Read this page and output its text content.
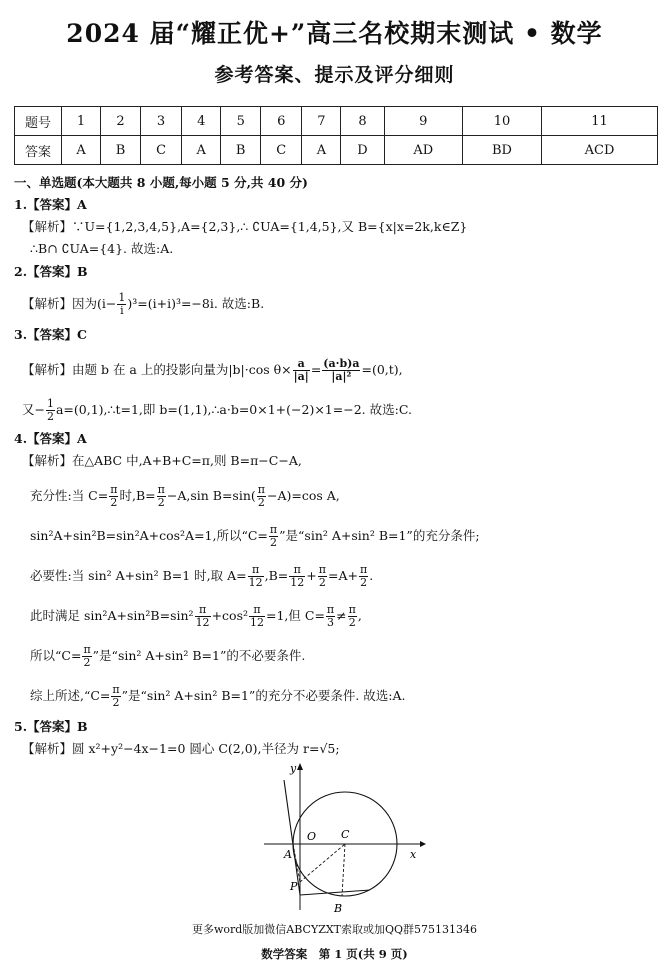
2024 届“耀正优+”高三名校期末测试 • 数学
参考答案、提示及评分细则
题号	1	2	3	4	5	6	7	8	9	10	11
答案	A	B	C	A	B	C	A	D	AD	BD	ACD
一、单选题(本大题共 8 小题,每小题 5 分,共 40 分)
1.【答案】A
【解析】∵U={1,2,3,4,5},A={2,3},∴ ∁UA={1,4,5},又 B={x|x=2k,k∈Z}
∴B∩ ∁UA={4}. 故选:A.
2.【答案】B
【解析】因为$(i- \frac{1}{i} )^3=(i+i)^3=-8i$. 故选:B.
3.【答案】C
【解析】由题 b 在 a 上的投影向量为|b|·cos $\theta\times \frac{a}{|a|} = \frac{(a\cdot b)a}{\text{|a|²}} =(0,t)$,
又− $\frac{1}{2}$ a=(0,1),∴t=1,即 b=(1,1),∴a·b=0×1+(−2)×1=−2. 故选:C.
4.【答案】A
【解析】在△ABC 中,A+B+C=π,则 B=π−C−A,
充分性:当 $C= \frac{\pi}{2}$ 时$,B= \frac{\pi}{2} -A,\sin$ $B=\sin( \frac{\pi}{2} -A)=\cos$ A,
sin²A+sin²B=sin²A+cos²A=1,所以“$C= \frac{\pi}{2}$ ”是“sin² A+sin² B=1”的充分条件;
必要性:当 sin² A+sin² B=1 时,取 $A= \frac{\pi}{12} ,B= \frac{\pi}{12} + \frac{\pi}{2} =A+ \frac{\pi}{2}$ .
此时满足 $\sin^2A+\sin^2B=\sin^2 \frac{\pi}{12} +\cos^2 \frac{\pi}{12} =1$,但 $C= \frac{\pi}{3} \ne \frac{\pi}{2}$ ,
所以“$C= \frac{\pi}{2}$ ”是“sin² A+sin² B=1”的不必要条件.
综上所述,“C= $\frac{\pi}{2}$ ”是“sin² A+sin² B=1”的充分不必要条件. 故选:A.
5.【答案】B
【解析】圆 x²+y²−4x−1=0 圆心 C(2,0),半径为 r=√5;
y
x
O C
A
P
B
更多word版加微信ABCYZXT索取或加QQ群575131346
数学答案　第 1 页(共 9 页)
